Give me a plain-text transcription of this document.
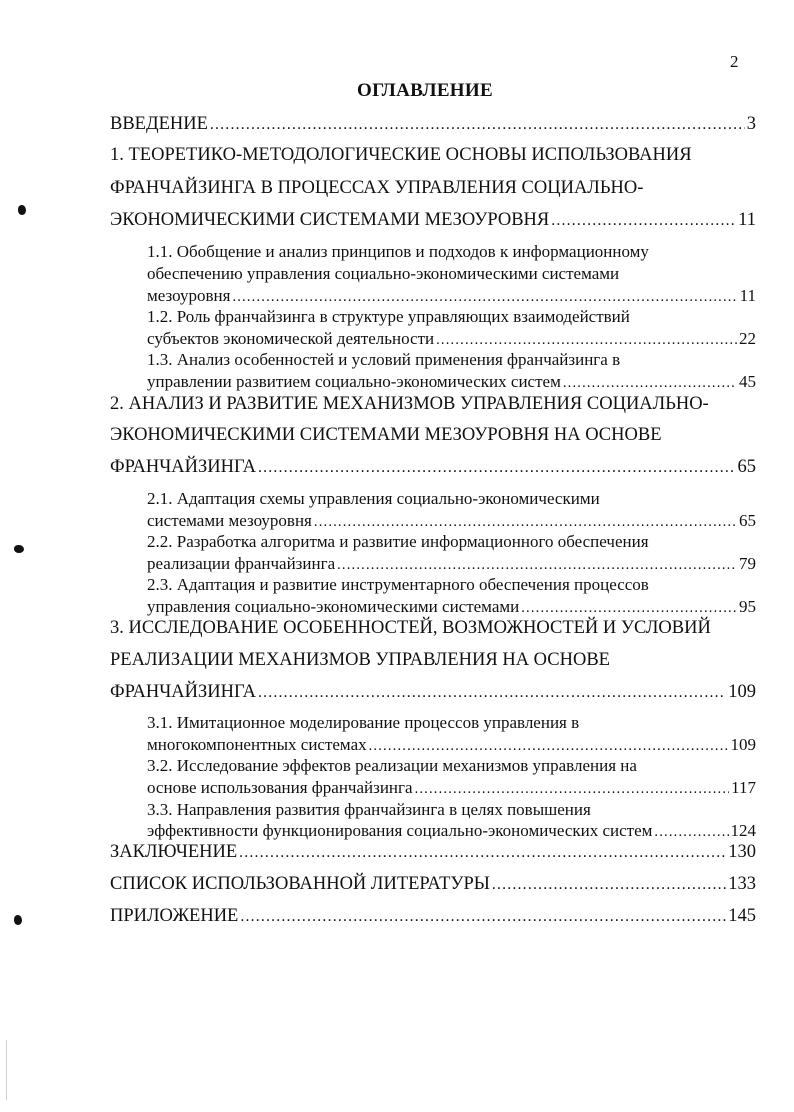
2
ОГЛАВЛЕНИЕ
ВВЕДЕНИЕ .....	3
1. ТЕОРЕТИКО-МЕТОДОЛОГИЧЕСКИЕ ОСНОВЫ ИСПОЛЬЗОВАНИЯ
ФРАНЧАЙЗИНГА В ПРОЦЕССАХ УПРАВЛЕНИЯ СОЦИАЛЬНО-
ЭКОНОМИЧЕСКИМИ СИСТЕМАМИ МЕЗОУРОВНЯ .....	11
1.1. Обобщение и анализ принципов и подходов к информационному
обеспечению управления социально-экономическими системами
мезоуровня .....	11
1.2. Роль франчайзинга в структуре управляющих взаимодействий
субъектов экономической деятельности .....	22
1.3. Анализ особенностей и условий применения франчайзинга в
управлении развитием социально-экономических систем .....	45
2. АНАЛИЗ И РАЗВИТИЕ МЕХАНИЗМОВ УПРАВЛЕНИЯ СОЦИАЛЬНО-
ЭКОНОМИЧЕСКИМИ СИСТЕМАМИ МЕЗОУРОВНЯ НА ОСНОВЕ
ФРАНЧАЙЗИНГА .....	65
2.1. Адаптация схемы управления социально-экономическими
системами мезоуровня .....	65
2.2. Разработка алгоритма и развитие информационного обеспечения
реализации франчайзинга .....	79
2.3. Адаптация и развитие инструментарного обеспечения процессов
управления социально-экономическими системами .....	95
3. ИССЛЕДОВАНИЕ ОСОБЕННОСТЕЙ, ВОЗМОЖНОСТЕЙ И УСЛОВИЙ
РЕАЛИЗАЦИИ МЕХАНИЗМОВ УПРАВЛЕНИЯ НА ОСНОВЕ
ФРАНЧАЙЗИНГА .....	109
3.1. Имитационное моделирование процессов управления в
многокомпонентных системах .....	109
3.2. Исследование эффектов реализации механизмов управления на
основе использования франчайзинга .....	117
3.3. Направления развития франчайзинга в целях повышения
эффективности функционирования социально-экономических систем .....	124
ЗАКЛЮЧЕНИЕ .....	130
СПИСОК ИСПОЛЬЗОВАННОЙ ЛИТЕРАТУРЫ .....	133
ПРИЛОЖЕНИЕ .....	145
